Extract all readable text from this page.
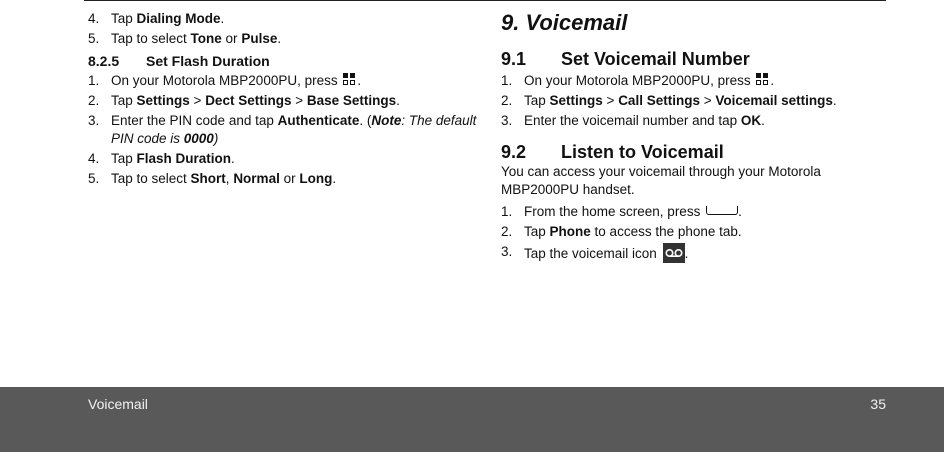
4. Tap Dialing Mode.
5. Tap to select Tone or Pulse.
8.2.5 Set Flash Duration
1. On your Motorola MBP2000PU, press .
2. Tap Settings > Dect Settings > Base Settings.
3. Enter the PIN code and tap Authenticate. (Note: The default PIN code is 0000)
4. Tap Flash Duration.
5. Tap to select Short, Normal or Long.
9. Voicemail
9.1 Set Voicemail Number
1. On your Motorola MBP2000PU, press .
2. Tap Settings > Call Settings > Voicemail settings.
3. Enter the voicemail number and tap OK.
9.2 Listen to Voicemail
You can access your voicemail through your Motorola MBP2000PU handset.
1. From the home screen, press	.
2. Tap Phone to access the phone tab.
3. Tap the voicemail icon .
Voicemail	35
